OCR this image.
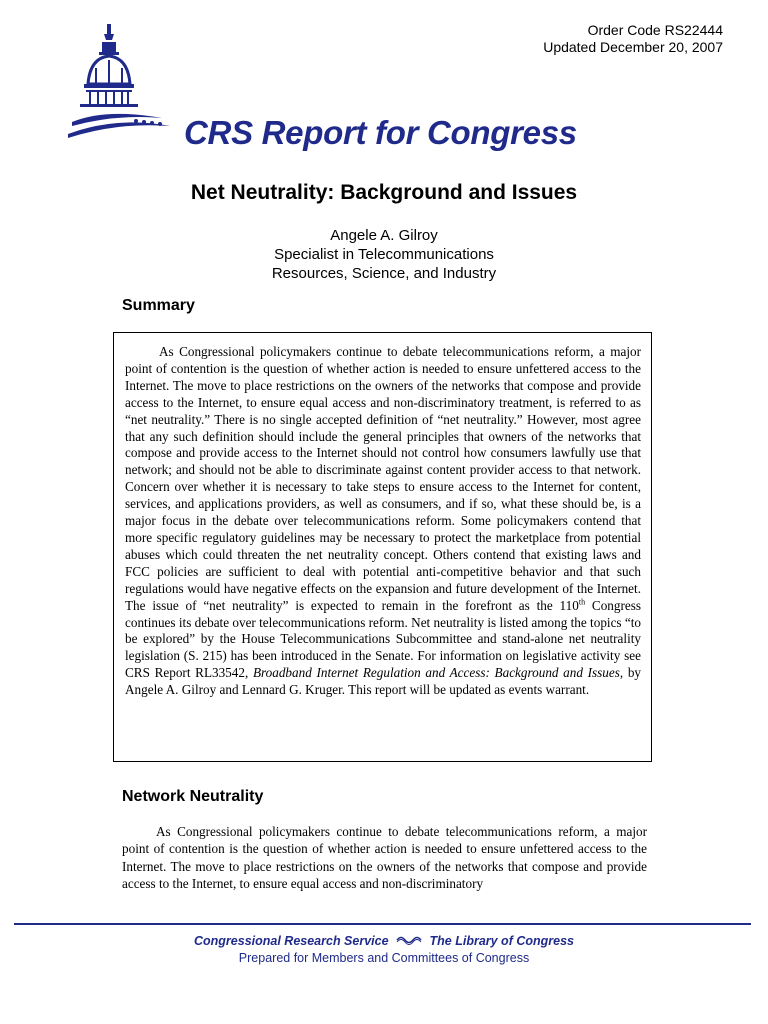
Order Code RS22444
Updated December 20, 2007
CRS Report for Congress
Net Neutrality: Background and Issues
Angele A. Gilroy
Specialist in Telecommunications
Resources, Science, and Industry
Summary

As Congressional policymakers continue to debate telecommunications reform, a major point of contention is the question of whether action is needed to ensure unfettered access to the Internet. The move to place restrictions on the owners of the networks that compose and provide access to the Internet, to ensure equal access and non-discriminatory treatment, is referred to as “net neutrality.” There is no single accepted definition of “net neutrality.” However, most agree that any such definition should include the general principles that owners of the networks that compose and provide access to the Internet should not control how consumers lawfully use that network; and should not be able to discriminate against content provider access to that network. Concern over whether it is necessary to take steps to ensure access to the Internet for content, services, and applications providers, as well as consumers, and if so, what these should be, is a major focus in the debate over telecommunications reform. Some policymakers contend that more specific regulatory guidelines may be necessary to protect the marketplace from potential abuses which could threaten the net neutrality concept. Others contend that existing laws and FCC policies are sufficient to deal with potential anti-competitive behavior and that such regulations would have negative effects on the expansion and future development of the Internet. The issue of “net neutrality” is expected to remain in the forefront as the 110th Congress continues its debate over telecommunications reform. Net neutrality is listed among the topics “to be explored” by the House Telecommunications Subcommittee and stand-alone net neutrality legislation (S. 215) has been introduced in the Senate. For information on legislative activity see CRS Report RL33542, Broadband Internet Regulation and Access: Background and Issues, by Angele A. Gilroy and Lennard G. Kruger. This report will be updated as events warrant.

Network Neutrality

As Congressional policymakers continue to debate telecommunications reform, a major point of contention is the question of whether action is needed to ensure unfettered access to the Internet. The move to place restrictions on the owners of the networks that compose and provide access to the Internet, to ensure equal access and non-discriminatory

Congressional Research Service	The Library of Congress
Prepared for Members and Committees of Congress
